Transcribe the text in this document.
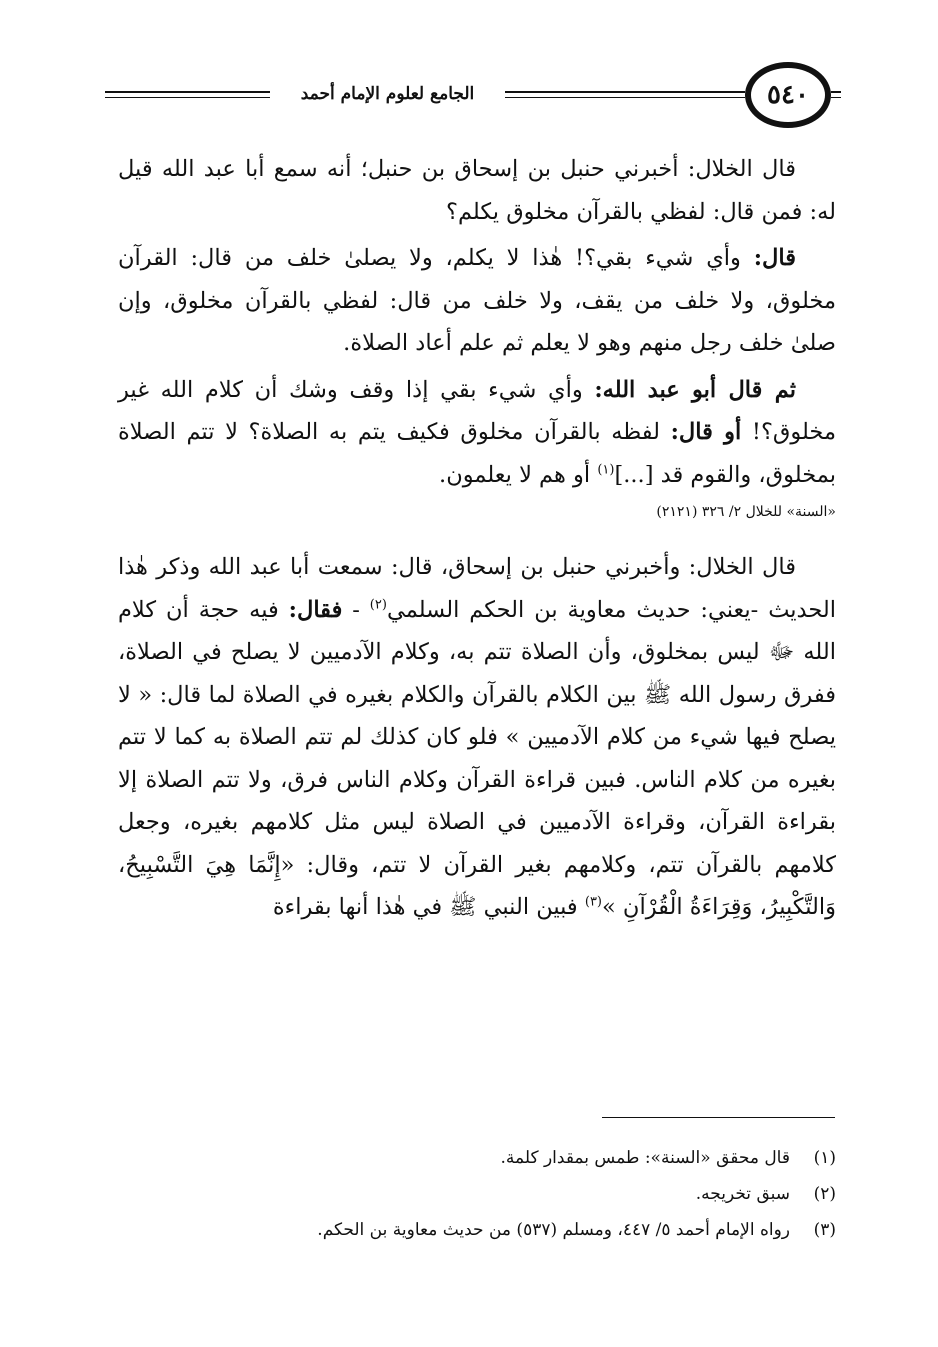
٥٤٠
الجامع لعلوم الإمام أحمد

قال الخلال: أخبرني حنبل بن إسحاق بن حنبل؛ أنه سمع أبا عبد الله قيل له: فمن قال: لفظي بالقرآن مخلوق يكلم؟

قال: وأي شيء بقي؟! هٰذا لا يكلم، ولا يصلىٰ خلف من قال: القرآن مخلوق، ولا خلف من يقف، ولا خلف من قال: لفظي بالقرآن مخلوق، وإن صلىٰ خلف رجل منهم وهو لا يعلم ثم علم أعاد الصلاة.

ثم قال أبو عبد الله: وأي شيء بقي إذا وقف وشك أن كلام الله غير مخلوق؟! أو قال: لفظه بالقرآن مخلوق فكيف يتم به الصلاة؟ لا تتم الصلاة بمخلوق، والقوم قد [...]$^{(١)}$ أو هم لا يعلمون.

«السنة» للخلال ٢/ ٣٢٦ (٢١٢١)

قال الخلال: وأخبرني حنبل بن إسحاق، قال: سمعت أبا عبد الله وذكر هٰذا الحديث -يعني: حديث معاوية بن الحكم السلمي$^{(٢)}$ - فقال: فيه حجة أن كلام الله ﷻ ليس بمخلوق، وأن الصلاة تتم به، وكلام الآدميين لا يصلح في الصلاة، ففرق رسول الله ﷺ بين الكلام بالقرآن والكلام بغيره في الصلاة لما قال: « لا يصلح فيها شيء من كلام الآدميين » فلو كان كذلك لم تتم الصلاة به كما لا تتم بغيره من كلام الناس. فبين قراءة القرآن وكلام الناس فرق، ولا تتم الصلاة إلا بقراءة القرآن، وقراءة الآدميين في الصلاة ليس مثل كلامهم بغيره، وجعل كلامهم بالقرآن تتم، وكلامهم بغير القرآن لا تتم، وقال: «إِنَّمَا هِيَ التَّسْبِيحُ، وَالتَّكْبِيرُ، وَقِرَاءَةُ الْقُرْآنِ »$^{(٣)}$ فبين النبي ﷺ في هٰذا أنها بقراءة

(١)
قال محقق «السنة»: طمس بمقدار كلمة.
(٢)
سبق تخريجه.
(٣)
رواه الإمام أحمد ٥/ ٤٤٧، ومسلم (٥٣٧) من حديث معاوية بن الحكم.
